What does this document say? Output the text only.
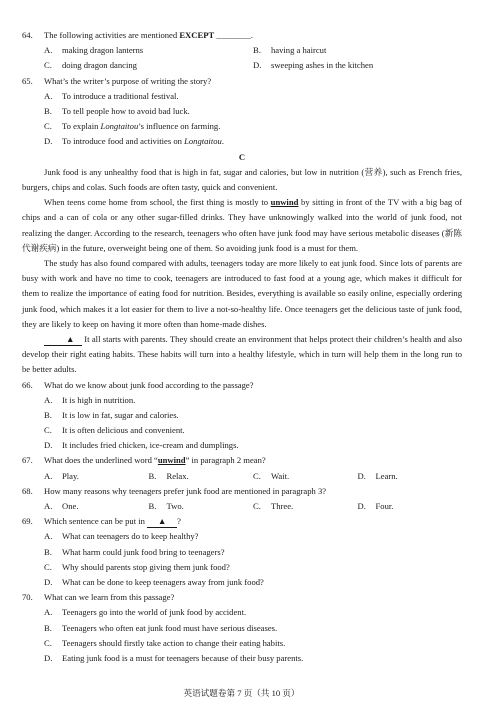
64. The following activities are mentioned EXCEPT ________.
A. making dragon lanterns	B. having a haircut
C. doing dragon dancing	D. sweeping ashes in the kitchen
65. What’s the writer’s purpose of writing the story?
A. To introduce a traditional festival.
B. To tell people how to avoid bad luck.
C. To explain Longtaitou’s influence on farming.
D. To introduce food and activities on Longtaitou.
C

Junk food is any unhealthy food that is high in fat, sugar and calories, but low in nutrition (营养), such as French fries, burgers, chips and colas. Such foods are often tasty, quick and convenient.

When teens come home from school, the first thing is mostly to unwind by sitting in front of the TV with a big bag of chips and a can of cola or any other sugar-filled drinks. They have unknowingly walked into the world of junk food, not realizing the danger. According to the research, teenagers who often have junk food may have serious metabolic diseases (新陈代谢疾病) in the future, overweight being one of them. So avoiding junk food is a must for them.

The study has also found compared with adults, teenagers today are more likely to eat junk food. Since lots of parents are busy with work and have no time to cook, teenagers are introduced to fast food at a young age, which makes it difficult for them to realize the importance of eating food for nutrition. Besides, everything is available so easily online, especially ordering junk food, which makes it a lot easier for them to live a not-so-healthy life. Once teenagers get the delicious taste of junk food, they are likely to keep on having it more often than home-made dishes.

▲ It all starts with parents. They should create an environment that helps protect their children’s health and also develop their right eating habits. These habits will turn into a healthy lifestyle, which in turn will help them in the long run to be better adults.

66. What do we know about junk food according to the passage?
A. It is high in nutrition.
B. It is low in fat, sugar and calories.
C. It is often delicious and convenient.
D. It includes fried chicken, ice-cream and dumplings.
67. What does the underlined word “unwind” in paragraph 2 mean?
A. Play.	B. Relax.	C. Wait.	D. Learn.
68. How many reasons why teenagers prefer junk food are mentioned in paragraph 3?
A. One.	B. Two.	C. Three.	D. Four.
69. Which sentence can be put in ▲ ?
A. What can teenagers do to keep healthy?
B. What harm could junk food bring to teenagers?
C. Why should parents stop giving them junk food?
D. What can be done to keep teenagers away from junk food?
70. What can we learn from this passage?
A. Teenagers go into the world of junk food by accident.
B. Teenagers who often eat junk food must have serious diseases.
C. Teenagers should firstly take action to change their eating habits.
D. Eating junk food is a must for teenagers because of their busy parents.
英语试题卷第 7 页（共 10 页）
